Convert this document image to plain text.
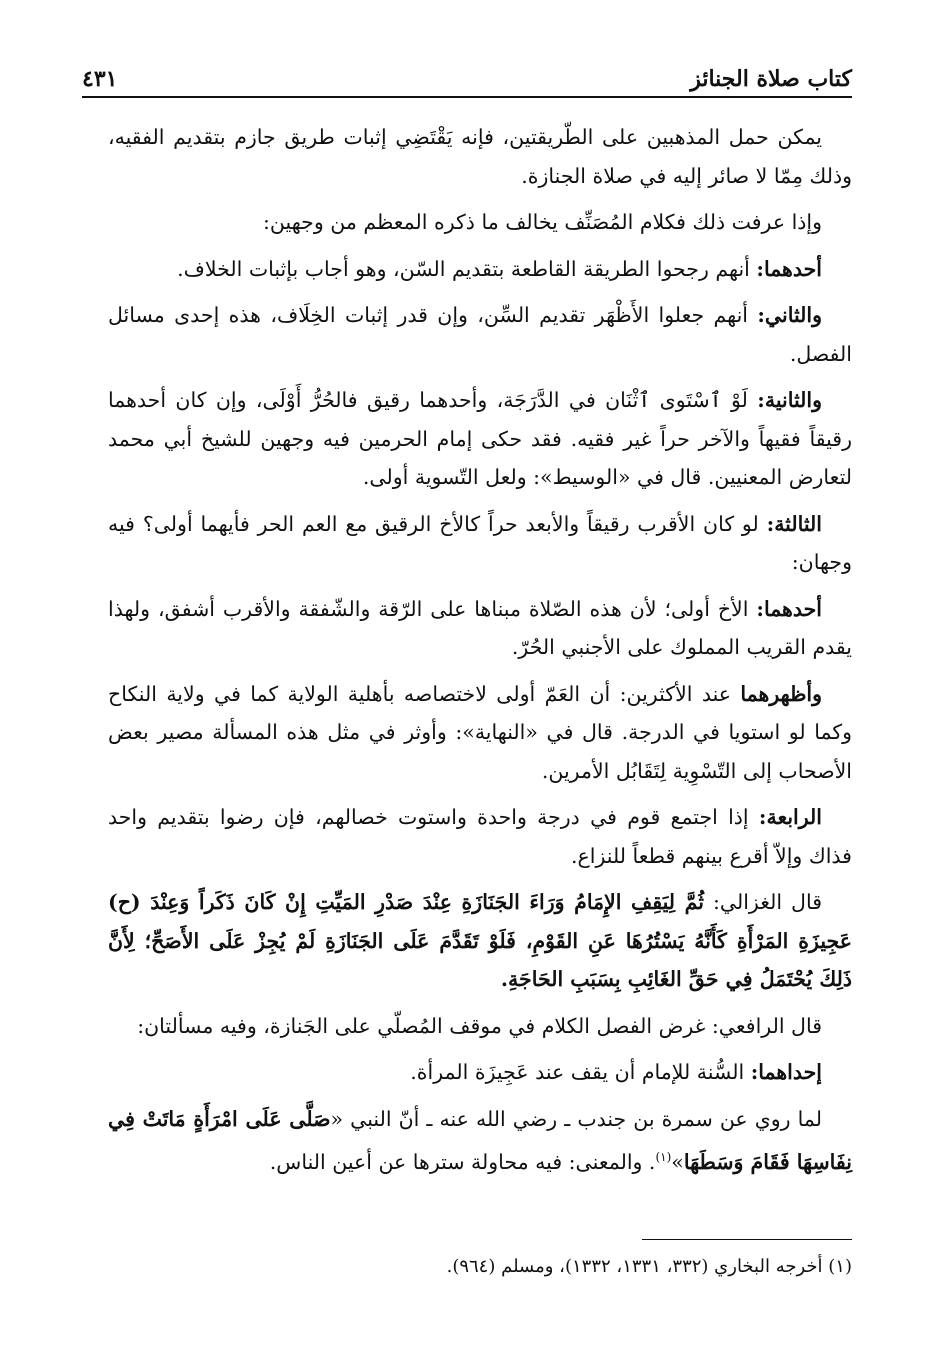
كتاب صلاة الجنائز
٤٣١

يمكن حمل المذهبين على الطّريقتين، فإنه يَقْتَضِي إثبات طريق جازم بتقديم الفقيه، وذلك مِمّا لا صائر إليه في صلاة الجنازة.

وإذا عرفت ذلك فكلام المُصَنِّف يخالف ما ذكره المعظم من وجهين:

أحدهما: أنهم رجحوا الطريقة القاطعة بتقديم السّن، وهو أجاب بإثبات الخلاف.

والثاني: أنهم جعلوا الأَظْهَر تقديم السِّن، وإن قدر إثبات الخِلَاف، هذه إحدى مسائل الفصل.

والثانية: لَوْ ٱسْتَوى ٱثْنَان في الدَّرَجَة، وأحدهما رقيق فالحُرُّ أَوْلَى، وإن كان أحدهما رقيقاً فقيهاً والآخر حراً غير فقيه. فقد حكى إمام الحرمين فيه وجهين للشيخ أبي محمد لتعارض المعنيين. قال في «الوسيط»: ولعل التّسوية أولى.

الثالثة: لو كان الأقرب رقيقاً والأبعد حراً كالأخ الرقيق مع العم الحر فأيهما أولى؟ فيه وجهان:

أحدهما: الأخ أولى؛ لأن هذه الصّلاة مبناها على الرّقة والشّفقة والأقرب أشفق، ولهذا يقدم القريب المملوك على الأجنبي الحُرّ.

وأظهرهما عند الأكثرين: أن العَمّ أولى لاختصاصه بأهلية الولاية كما في ولاية النكاح وكما لو استويا في الدرجة. قال في «النهاية»: وأوثر في مثل هذه المسألة مصير بعض الأصحاب إلى التّسْوِية لِتَقَابُل الأمرين.

الرابعة: إذا اجتمع قوم في درجة واحدة واستوت خصالهم، فإن رضوا بتقديم واحد فذاك وإلاّ أقرع بينهم قطعاً للنزاع.

قال الغزالي: ثُمَّ لِيَقِفِ الإِمَامُ وَرَاءَ الجَنَازَةِ عِنْدَ صَدْرِ المَيِّتِ إِنْ كَانَ ذَكَراً وَعِنْدَ (ح) عَجِيزَةِ المَرْأَةِ كَأَنَّهُ يَسْتُرُهَا عَنِ القَوْمِ، فَلَوْ تَقَدَّمَ عَلَى الجَنَازَةِ لَمْ يُجِزْ عَلَى الأَصَحِّ؛ لِأَنَّ ذَلِكَ يُحْتَمَلُ فِي حَقِّ الغَائِبِ بِسَبَبِ الحَاجَةِ.

قال الرافعي: غرض الفصل الكلام في موقف المُصلّي على الجَنازة، وفيه مسألتان:

إحداهما: السُّنة للإمام أن يقف عند عَجِيزَة المرأة.

لما روي عن سمرة بن جندب ـ رضي الله عنه ـ أنّ النبي «صَلَّى عَلَى امْرَأَةٍ مَاتَتْ فِي نِفَاسِهَا فَقَامَ وَسَطَهَا»$^{(١)}$. والمعنى: فيه محاولة سترها عن أعين الناس.

(١) أخرجه البخاري (٣٣٢، ١٣٣١، ١٣٣٢)، ومسلم (٩٦٤).
